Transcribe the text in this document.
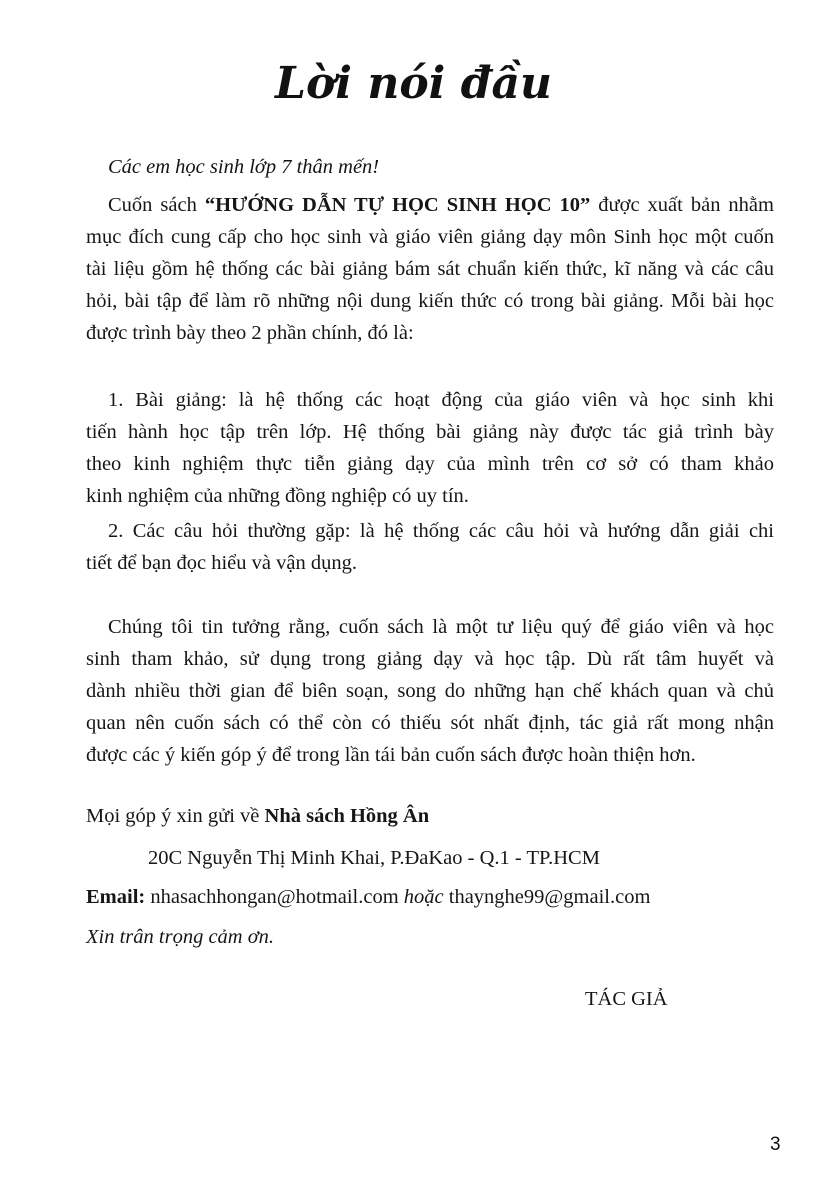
Lời nói đầu
Các em học sinh lớp 7 thân mến!
Cuốn sách “HƯỚNG DẪN TỰ HỌC SINH HỌC 10” được xuất bản nhằm
mục đích cung cấp cho học sinh và giáo viên giảng dạy môn Sinh học một cuốn
tài liệu gồm hệ thống các bài giảng bám sát chuẩn kiến thức, kĩ năng và các câu
hỏi, bài tập để làm rõ những nội dung kiến thức có trong bài giảng. Mỗi bài học
được trình bày theo 2 phần chính, đó là:
1. Bài giảng: là hệ thống các hoạt động của giáo viên và học sinh khi
tiến hành học tập trên lớp. Hệ thống bài giảng này được tác giả trình bày
theo kinh nghiệm thực tiễn giảng dạy của mình trên cơ sở có tham khảo
kinh nghiệm của những đồng nghiệp có uy tín.
2. Các câu hỏi thường gặp: là hệ thống các câu hỏi và hướng dẫn giải chi
tiết để bạn đọc hiểu và vận dụng.
Chúng tôi tin tưởng rằng, cuốn sách là một tư liệu quý để giáo viên và học
sinh tham khảo, sử dụng trong giảng dạy và học tập. Dù rất tâm huyết và
dành nhiều thời gian để biên soạn, song do những hạn chế khách quan và chủ
quan nên cuốn sách có thể còn có thiếu sót nhất định, tác giả rất mong nhận
được các ý kiến góp ý để trong lần tái bản cuốn sách được hoàn thiện hơn.
Mọi góp ý xin gửi về Nhà sách Hồng Ân
20C Nguyễn Thị Minh Khai, P.ĐaKao - Q.1 - TP.HCM
Email: nhasachhongan@hotmail.com hoặc thaynghe99@gmail.com
Xin trân trọng cảm ơn.
TÁC GIẢ
3
